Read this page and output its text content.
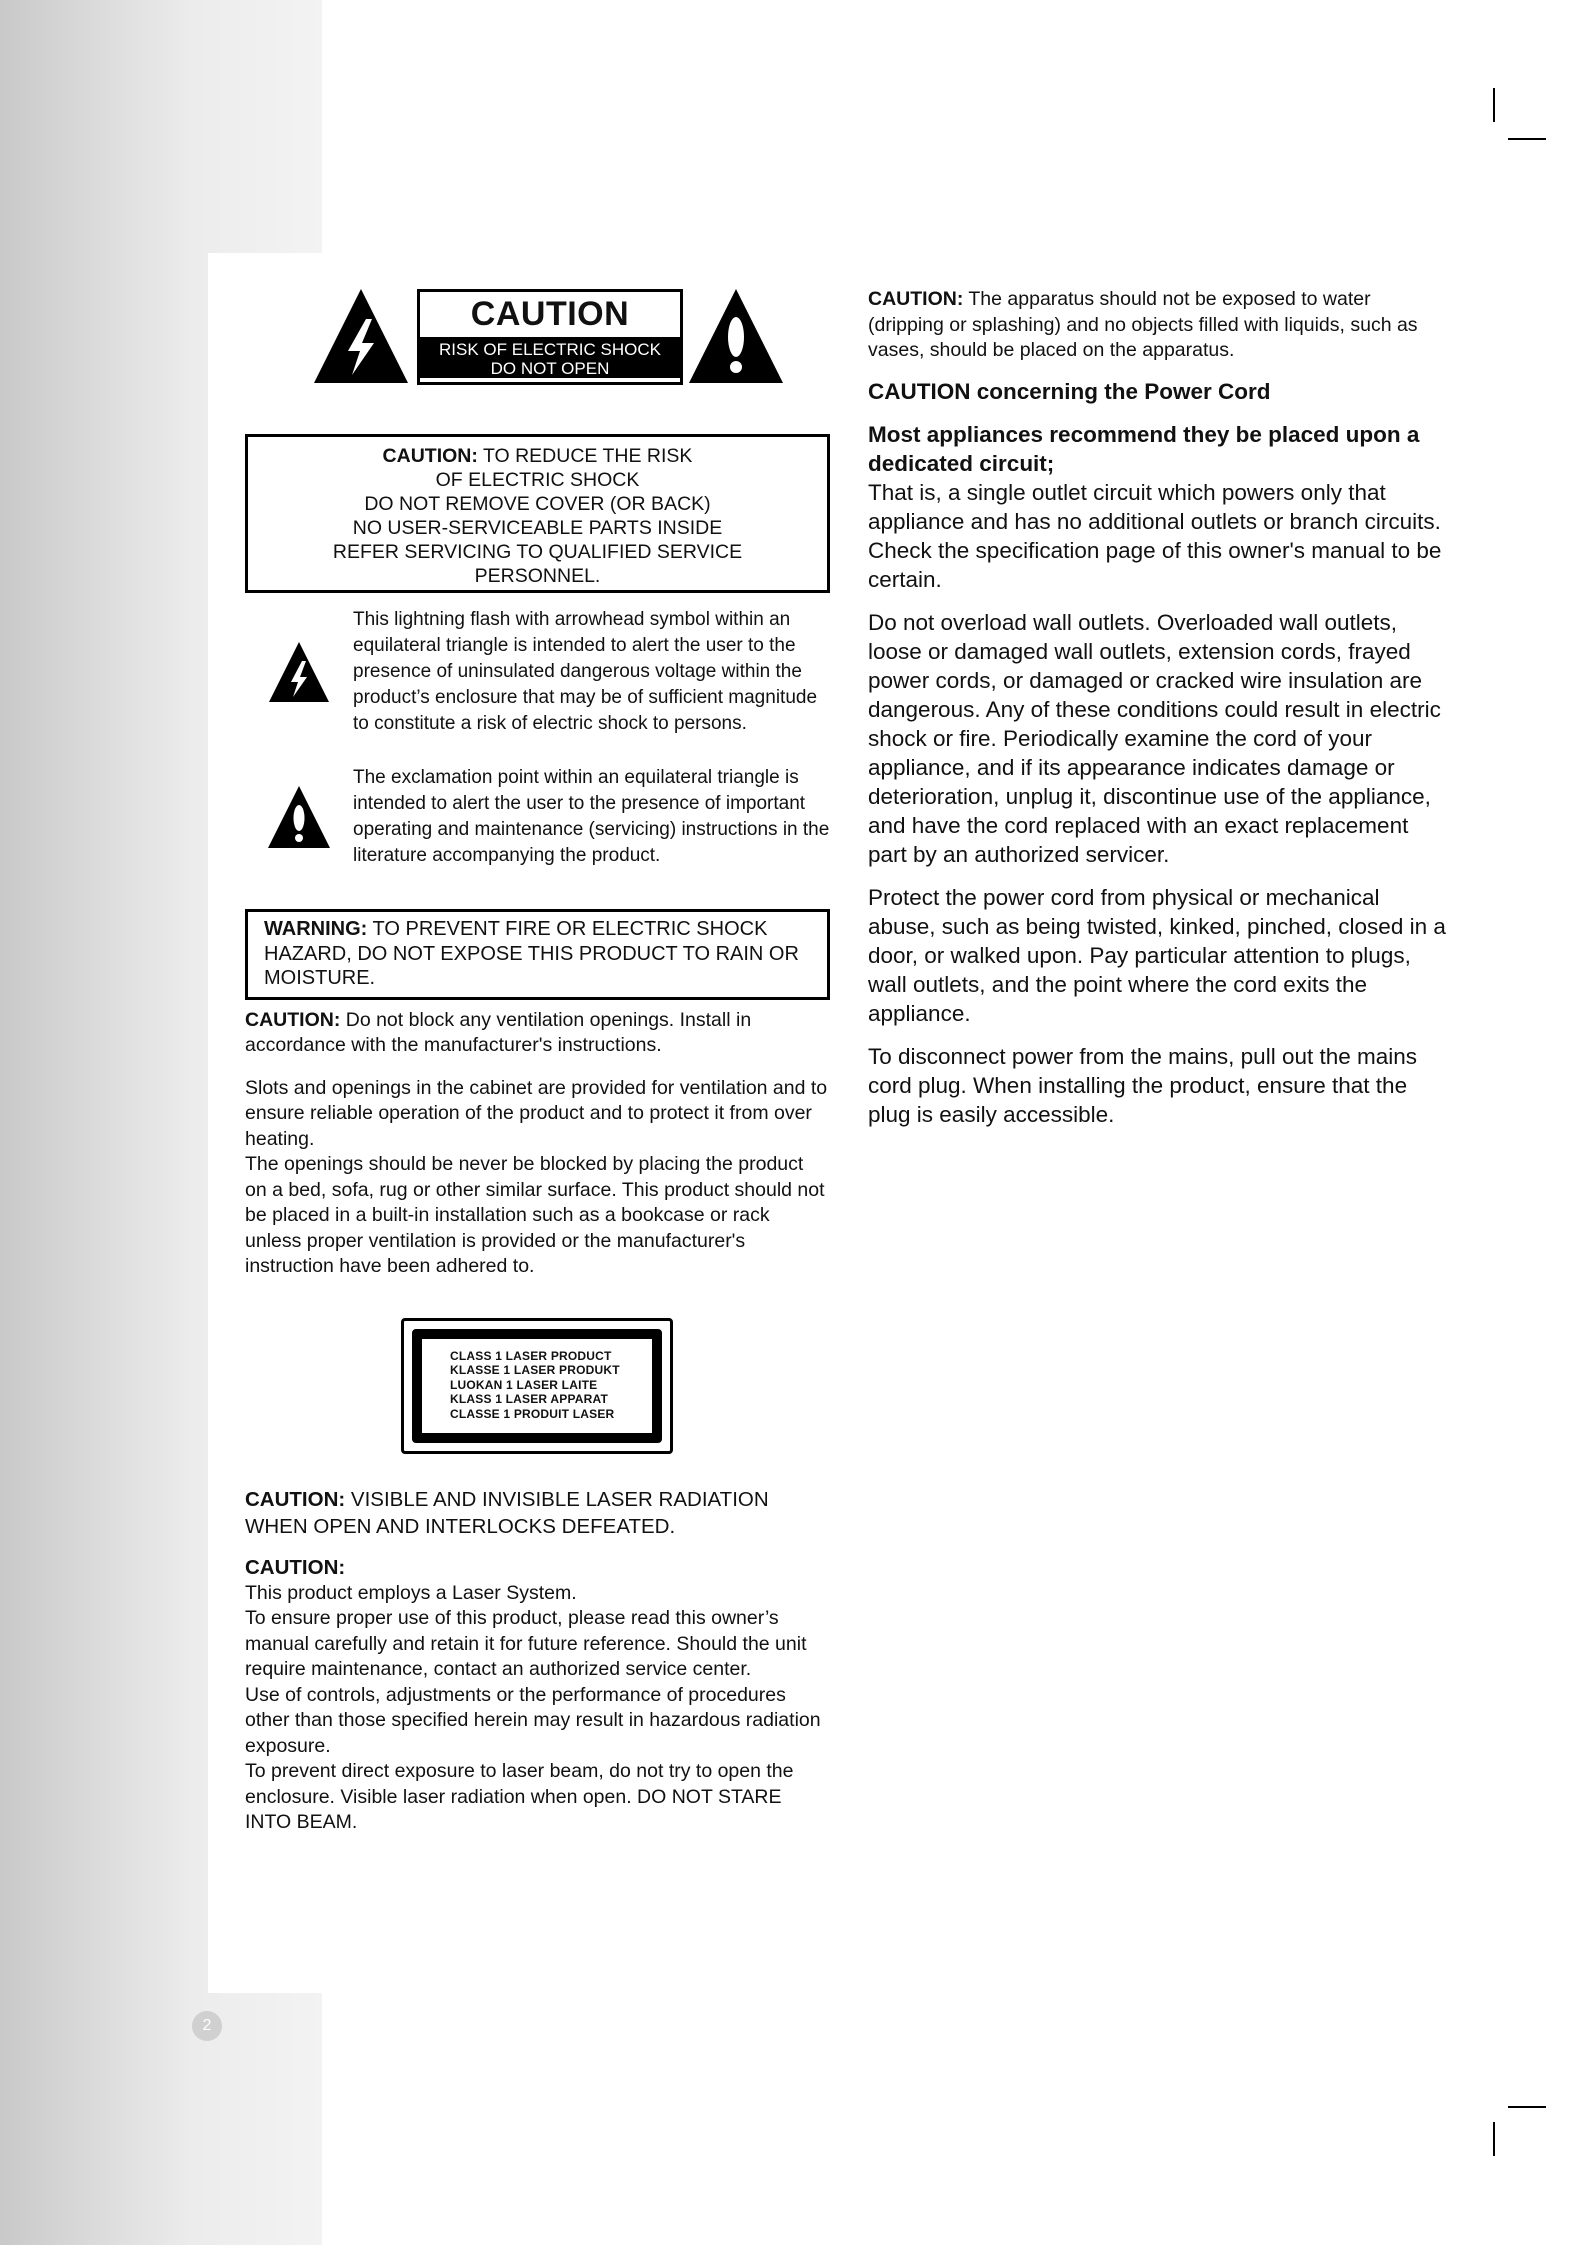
CAUTION
RISK OF ELECTRIC SHOCK
DO NOT OPEN
CAUTION: TO REDUCE THE RISK
OF ELECTRIC SHOCK
DO NOT REMOVE COVER (OR BACK)
NO USER-SERVICEABLE PARTS INSIDE
REFER SERVICING TO QUALIFIED SERVICE
PERSONNEL.
This lightning flash with arrowhead symbol within an equilateral triangle is intended to alert the user to the presence of uninsulated dangerous voltage within the product’s enclosure that may be of sufficient magnitude to constitute a risk of electric shock to persons.
The exclamation point within an equilateral triangle is intended to alert the user to the presence of important operating and maintenance (servicing) instructions in the literature accompanying the product.
WARNING: TO PREVENT FIRE OR ELECTRIC SHOCK HAZARD, DO NOT EXPOSE THIS PRODUCT TO RAIN OR MOISTURE.

CAUTION: Do not block any ventilation openings. Install in accordance with the manufacturer's instructions.

Slots and openings in the cabinet are provided for ventilation and to ensure reliable operation of the product and to protect it from over heating.

The openings should be never be blocked by placing the product on a bed, sofa, rug or other similar surface. This product should not be placed in a built-in installation such as a bookcase or rack unless proper ventilation is provided or the manufacturer's instruction have been adhered to.

CLASS 1 LASER PRODUCT
KLASSE 1 LASER PRODUKT
LUOKAN 1 LASER LAITE
KLASS 1 LASER APPARAT
CLASSE 1 PRODUIT LASER

CAUTION: VISIBLE AND INVISIBLE LASER RADIATION WHEN OPEN AND INTERLOCKS DEFEATED.

CAUTION:

This product employs a Laser System.

To ensure proper use of this product, please read this owner’s manual carefully and retain it for future reference. Should the unit require maintenance, contact an authorized service center.

Use of controls, adjustments or the performance of procedures other than those specified herein may result in hazardous radiation exposure.

To prevent direct exposure to laser beam, do not try to open the enclosure. Visible laser radiation when open. DO NOT STARE INTO BEAM.

CAUTION: The apparatus should not be exposed to water (dripping or splashing) and no objects filled with liquids, such as vases, should be placed on the apparatus.

CAUTION concerning the Power Cord

Most appliances recommend they be placed upon a dedicated circuit;

That is, a single outlet circuit which powers only that appliance and has no additional outlets or branch circuits. Check the specification page of this owner's manual to be certain.

Do not overload wall outlets. Overloaded wall outlets, loose or damaged wall outlets, extension cords, frayed power cords, or damaged or cracked wire insulation are dangerous. Any of these conditions could result in electric shock or fire. Periodically examine the cord of your appliance, and if its appearance indicates damage or deterioration, unplug it, discontinue use of the appliance, and have the cord replaced with an exact replacement part by an authorized servicer.

Protect the power cord from physical or mechanical abuse, such as being twisted, kinked, pinched, closed in a door, or walked upon. Pay particular attention to plugs, wall outlets, and the point where the cord exits the appliance.

To disconnect power from the mains, pull out the mains cord plug. When installing the product, ensure that the plug is easily accessible.

2
